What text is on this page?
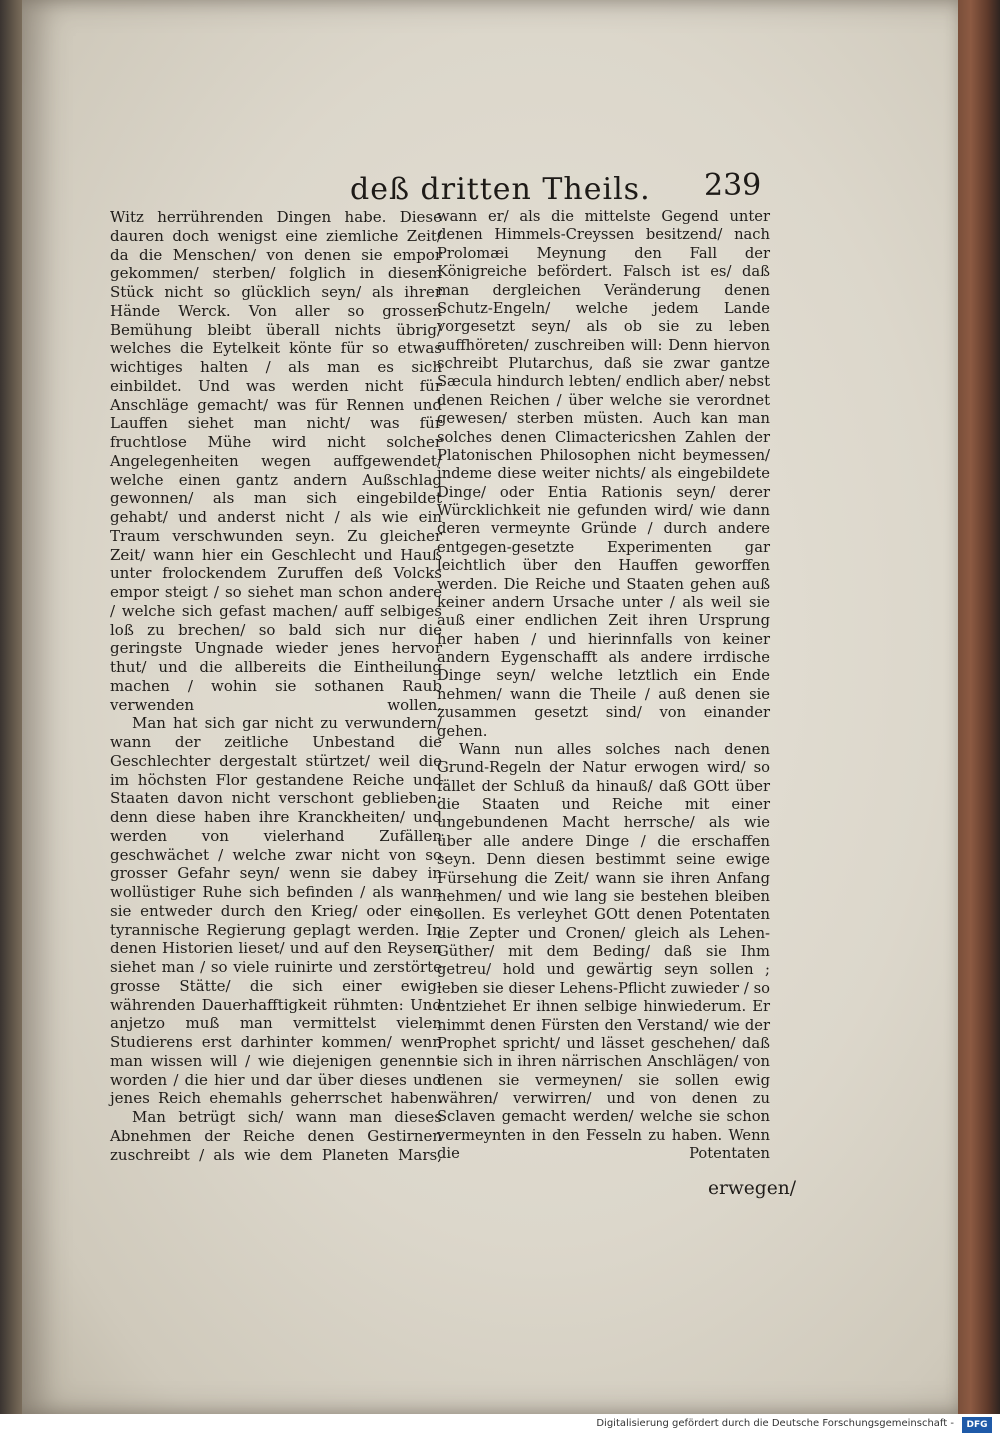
deß dritten Theils. 239

Witz herrührenden Dingen habe. Diese dauren doch wenigst eine ziemliche Zeit/ da die Menschen/ von denen sie empor gekommen/ sterben/ folglich in diesem Stück nicht so glücklich seyn/ als ihrer Hände Werck. Von aller so grossen Bemühung bleibt überall nichts übrig/ welches die Eytelkeit könte für so etwas wichtiges halten / als man es sich einbildet. Und was werden nicht für Anschläge gemacht/ was für Rennen und Lauffen siehet man nicht/ was für fruchtlose Mühe wird nicht solcher Angelegenheiten wegen auffgewendet/ welche einen gantz andern Außschlag gewonnen/ als man sich eingebildet gehabt/ und anderst nicht / als wie ein Traum verschwunden seyn. Zu gleicher Zeit/ wann hier ein Geschlecht und Hauß unter frolockendem Zuruffen deß Volcks empor steigt / so siehet man schon andere / welche sich gefast machen/ auff selbiges loß zu brechen/ so bald sich nur die geringste Ungnade wieder jenes hervor thut/ und die allbereits die Eintheilung machen / wohin sie sothanen Raub verwenden wollen.

Man hat sich gar nicht zu verwundern/ wann der zeitliche Unbestand die Geschlechter dergestalt stürtzet/ weil die im höchsten Flor gestandene Reiche und Staaten davon nicht verschont geblieben; denn diese haben ihre Kranckheiten/ und werden von vielerhand Zufällen geschwächet / welche zwar nicht von so grosser Gefahr seyn/ wenn sie dabey in wollüstiger Ruhe sich befinden / als wann sie entweder durch den Krieg/ oder eine tyrannische Regierung geplagt werden. In denen Historien lieset/ und auf den Reysen siehet man / so viele ruinirte und zerstörte grosse Stätte/ die sich einer ewig-währenden Dauerhafftigkeit rühmten: Und anjetzo muß man vermittelst vielen Studierens erst darhinter kommen/ wenn man wissen will / wie diejenigen genennt worden / die hier und dar über dieses und jenes Reich ehemahls geherrschet haben.

Man betrügt sich/ wann man dieses Abnehmen der Reiche denen Gestirnen zuschreibt / als wie dem Planeten Mars,

wann er/ als die mittelste Gegend unter denen Himmels-Creyssen besitzend/ nach Prolomæi Meynung den Fall der Königreiche befördert. Falsch ist es/ daß man dergleichen Veränderung denen Schutz-Engeln/ welche jedem Lande vorgesetzt seyn/ als ob sie zu leben auffhöreten/ zuschreiben will: Denn hiervon schreibt Plutarchus, daß sie zwar gantze Sæcula hindurch lebten/ endlich aber/ nebst denen Reichen / über welche sie verordnet gewesen/ sterben müsten. Auch kan man solches denen Climactericshen Zahlen der Platonischen Philosophen nicht beymessen/ indeme diese weiter nichts/ als eingebildete Dinge/ oder Entia Rationis seyn/ derer Würcklichkeit nie gefunden wird/ wie dann deren vermeynte Gründe / durch andere entgegen-gesetzte Experimenten gar leichtlich über den Hauffen geworffen werden. Die Reiche und Staaten gehen auß keiner andern Ursache unter / als weil sie auß einer endlichen Zeit ihren Ursprung her haben / und hierinnfalls von keiner andern Eygenschafft als andere irrdische Dinge seyn/ welche letztlich ein Ende nehmen/ wann die Theile / auß denen sie zusammen gesetzt sind/ von einander gehen.

Wann nun alles solches nach denen Grund-Regeln der Natur erwogen wird/ so fället der Schluß da hinauß/ daß GOtt über die Staaten und Reiche mit einer ungebundenen Macht herrsche/ als wie über alle andere Dinge / die erschaffen seyn. Denn diesen bestimmt seine ewige Fürsehung die Zeit/ wann sie ihren Anfang nehmen/ und wie lang sie bestehen bleiben sollen. Es verleyhet GOtt denen Potentaten die Zepter und Cronen/ gleich als Lehen-Güther/ mit dem Beding/ daß sie Ihm getreu/ hold und gewärtig seyn sollen ; leben sie dieser Lehens-Pflicht zuwieder / so entziehet Er ihnen selbige hinwiederum. Er nimmt denen Fürsten den Verstand/ wie der Prophet spricht/ und lässet geschehen/ daß sie sich in ihren närrischen Anschlägen/ von denen sie vermeynen/ sie sollen ewig währen/ verwirren/ und von denen zu Sclaven gemacht werden/ welche sie schon vermeynten in den Fesseln zu haben. Wenn die Potentaten

erwegen/
Digitalisierung gefördert durch die Deutsche Forschungsgemeinschaft -	DFG
